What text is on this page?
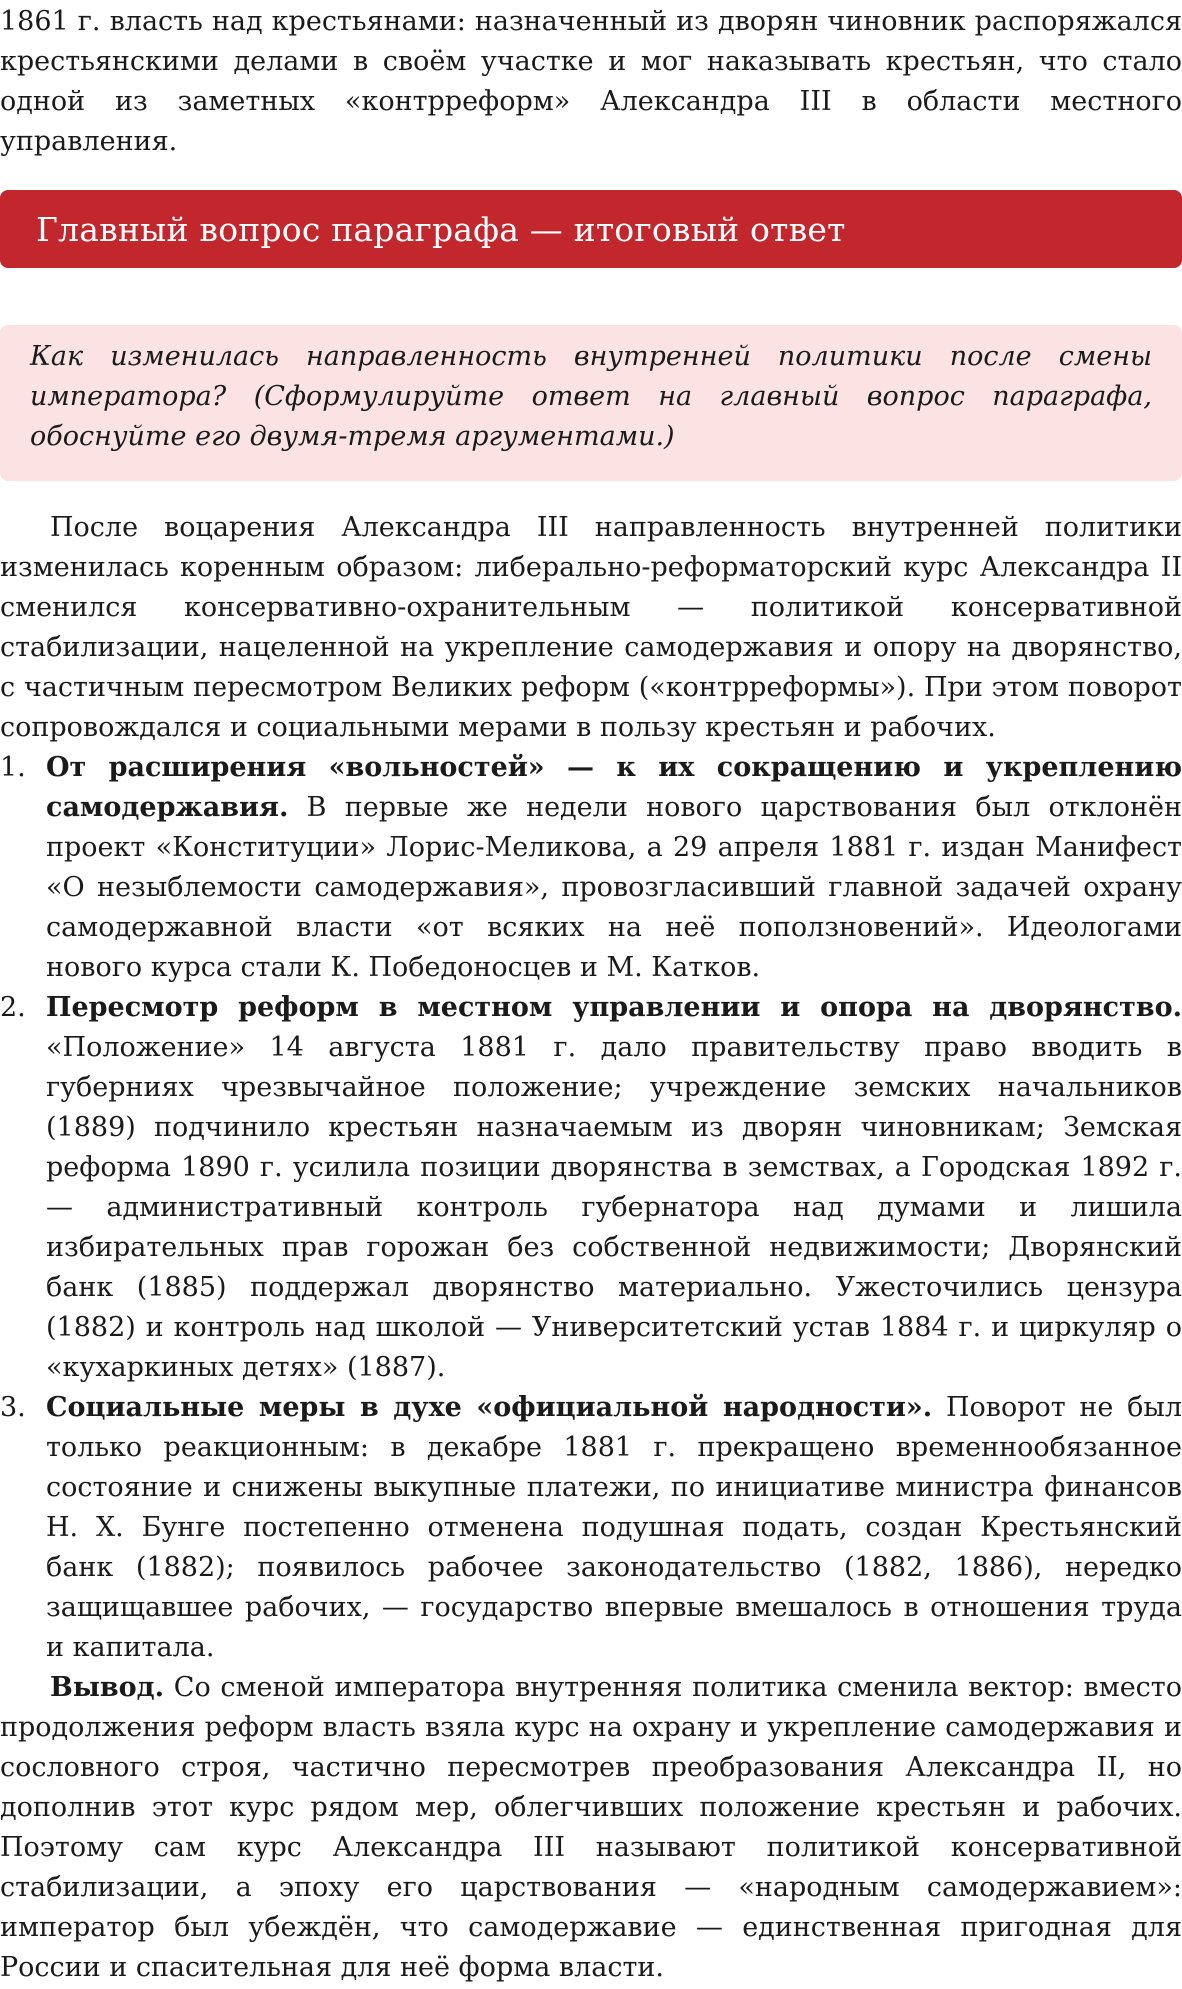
1861 г. власть над крестьянами: назначенный из дворян чиновник распоряжался крестьянскими делами в своём участке и мог наказывать крестьян, что стало одной из заметных «контрреформ» Александра III в области местного управления.

Главный вопрос параграфа — итоговый ответ

Как изменилась направленность внутренней политики после смены императора? (Сформулируйте ответ на главный вопрос параграфа, обоснуйте его двумя-тремя аргументами.)

После воцарения Александра III направленность внутренней политики изменилась коренным образом: либерально-реформаторский курс Александра II сменился консервативно-охранительным — политикой консервативной стабилизации, нацеленной на укрепление самодержавия и опору на дворянство, с частичным пересмотром Великих реформ («контрреформы»). При этом поворот сопровождался и социальными мерами в пользу крестьян и рабочих.

1. От расширения «вольностей» — к их сокращению и укреплению самодержавия. В первые же недели нового царствования был отклонён проект «Конституции» Лорис-Меликова, а 29 апреля 1881 г. издан Манифест «О незыблемости самодержавия», провозгласивший главной задачей охрану самодержавной власти «от всяких на неё поползновений». Идеологами нового курса стали К. Победоносцев и М. Катков.
2. Пересмотр реформ в местном управлении и опора на дворянство. «Положение» 14 августа 1881 г. дало правительству право вводить в губерниях чрезвычайное положение; учреждение земских начальников (1889) подчинило крестьян назначаемым из дворян чиновникам; Земская реформа 1890 г. усилила позиции дворянства в земствах, а Городская 1892 г. — административный контроль губернатора над думами и лишила избирательных прав горожан без собственной недвижимости; Дворянский банк (1885) поддержал дворянство материально. Ужесточились цензура (1882) и контроль над школой — Университетский устав 1884 г. и циркуляр о «кухаркиных детях» (1887).
3. Социальные меры в духе «официальной народности». Поворот не был только реакционным: в декабре 1881 г. прекращено временнообязанное состояние и снижены выкупные платежи, по инициативе министра финансов Н. Х. Бунге постепенно отменена подушная подать, создан Крестьянский банк (1882); появилось рабочее законодательство (1882, 1886), нередко защищавшее рабочих, — государство впервые вмешалось в отношения труда и капитала.

Вывод. Со сменой императора внутренняя политика сменила вектор: вместо продолжения реформ власть взяла курс на охрану и укрепление самодержавия и сословного строя, частично пересмотрев преобразования Александра II, но дополнив этот курс рядом мер, облегчивших положение крестьян и рабочих. Поэтому сам курс Александра III называют политикой консервативной стабилизации, а эпоху его царствования — «народным самодержавием»: император был убеждён, что самодержавие — единственная пригодная для России и спасительная для неё форма власти.
